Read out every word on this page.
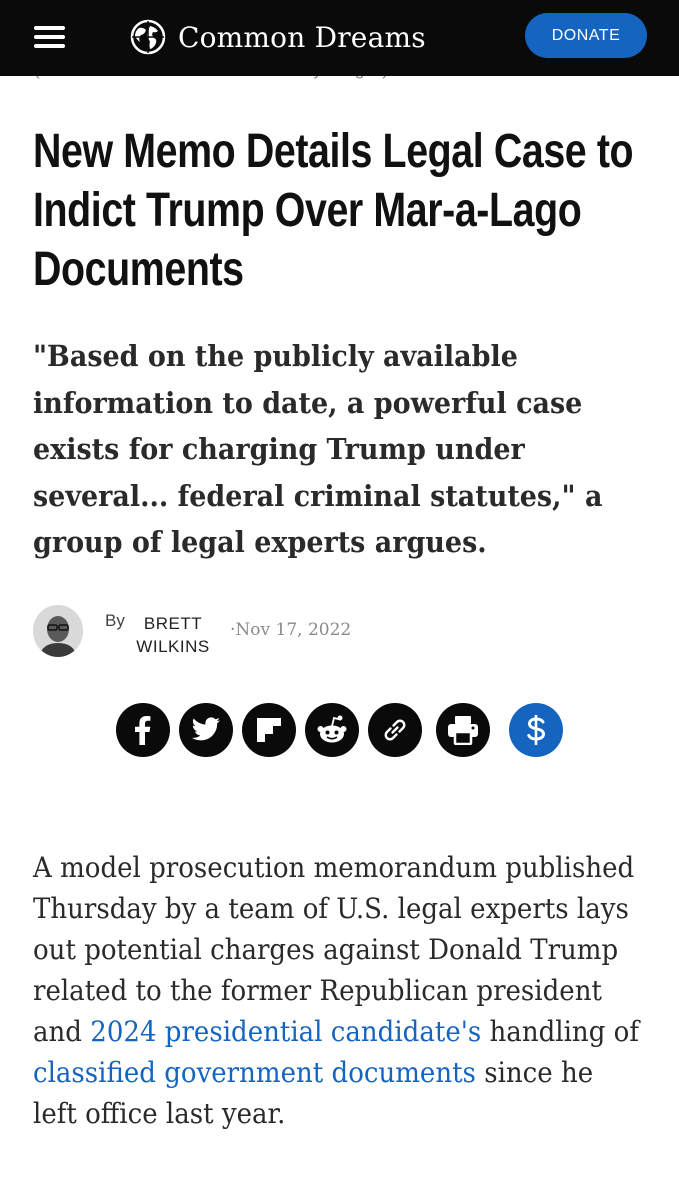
Common Dreams	DONATE
New Memo Details Legal Case to Indict Trump Over Mar-a-Lago Documents

"Based on the publicly available information to date, a powerful case exists for charging Trump under several... federal criminal statutes," a group of legal experts argues.

By	BRETT WILKINS
·Nov 17, 2022

A model prosecution memorandum published Thursday by a team of U.S. legal experts lays out potential charges against Donald Trump related to the former Republican president and 2024 presidential candidate's handling of classified government documents since he left office last year.
